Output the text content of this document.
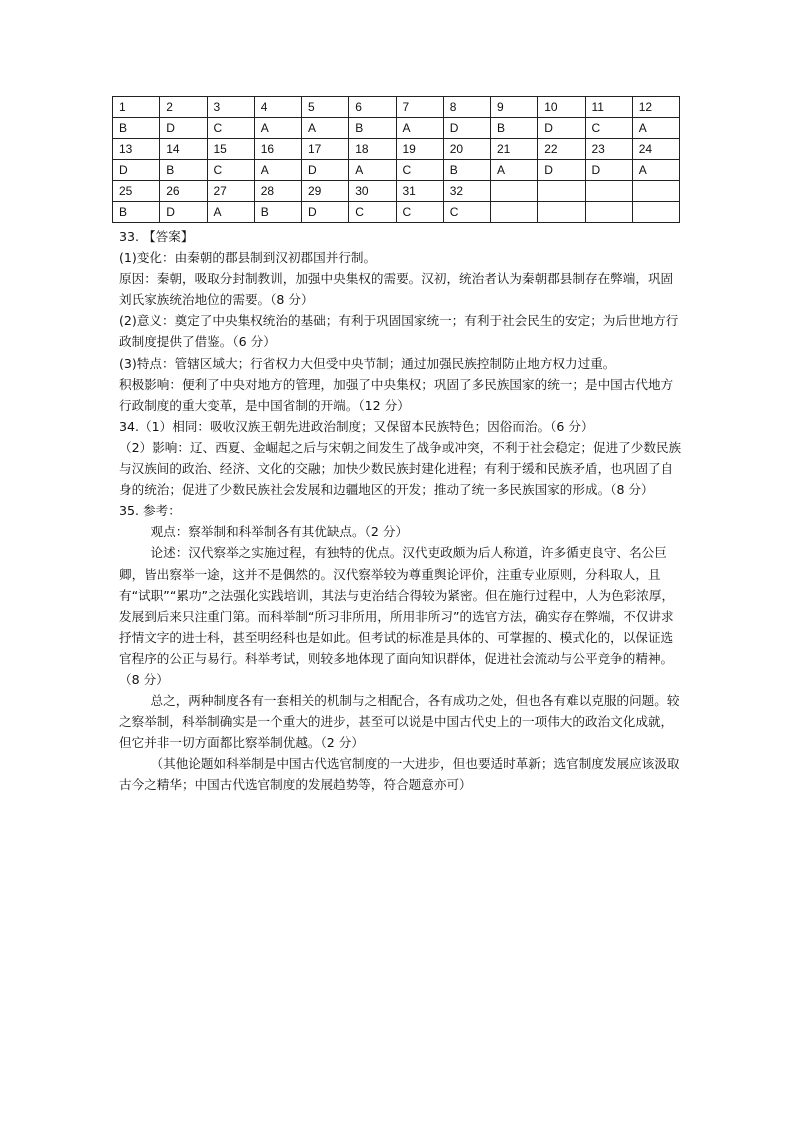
1	2	3	4	5	6	7	8	9	10	11	12
B	D	C	A	A	B	A	D	B	D	C	A
13	14	15	16	17	18	19	20	21	22	23	24
D	B	C	A	D	A	C	B	A	D	D	A
25	26	27	28	29	30	31	32				
B	D	A	B	D	C	C	C				

33. 【答案】

(1)变化：由秦朝的郡县制到汉初郡国并行制。

原因：秦朝，吸取分封制教训，加强中央集权的需要。汉初，统治者认为秦朝郡县制存在弊端，巩固刘氏家族统治地位的需要。（8 分）

(2)意义：奠定了中央集权统治的基础；有利于巩固国家统一；有利于社会民生的安定；为后世地方行政制度提供了借鉴。（6 分）

(3)特点：管辖区域大；行省权力大但受中央节制；通过加强民族控制防止地方权力过重。

积极影响：便利了中央对地方的管理，加强了中央集权；巩固了多民族国家的统一；是中国古代地方行政制度的重大变革，是中国省制的开端。（12 分）

34.（1）相同：吸收汉族王朝先进政治制度；又保留本民族特色；因俗而治。（6 分）

（2）影响：辽、西夏、金崛起之后与宋朝之间发生了战争或冲突，不利于社会稳定；促进了少数民族与汉族间的政治、经济、文化的交融；加快少数民族封建化进程；有利于缓和民族矛盾，也巩固了自身的统治；促进了少数民族社会发展和边疆地区的开发；推动了统一多民族国家的形成。（8 分）

35. 参考：

观点：察举制和科举制各有其优缺点。（2 分）

论述：汉代察举之实施过程，有独特的优点。汉代吏政颇为后人称道，许多循吏良守、名公巨卿，皆出察举一途，这并不是偶然的。汉代察举较为尊重舆论评价，注重专业原则，分科取人，且有“试职”“累功”之法强化实践培训，其法与吏治结合得较为紧密。但在施行过程中，人为色彩浓厚，发展到后来只注重门第。而科举制“所习非所用，所用非所习”的选官方法，确实存在弊端，不仅讲求抒情文字的进士科，甚至明经科也是如此。但考试的标准是具体的、可掌握的、模式化的，以保证选官程序的公正与易行。科举考试，则较多地体现了面向知识群体，促进社会流动与公平竞争的精神。（8 分）

总之，两种制度各有一套相关的机制与之相配合，各有成功之处，但也各有难以克服的问题。较之察举制，科举制确实是一个重大的进步，甚至可以说是中国古代史上的一项伟大的政治文化成就，但它并非一切方面都比察举制优越。（2 分）

（其他论题如科举制是中国古代选官制度的一大进步，但也要适时革新；选官制度发展应该汲取古今之精华；中国古代选官制度的发展趋势等，符合题意亦可）
